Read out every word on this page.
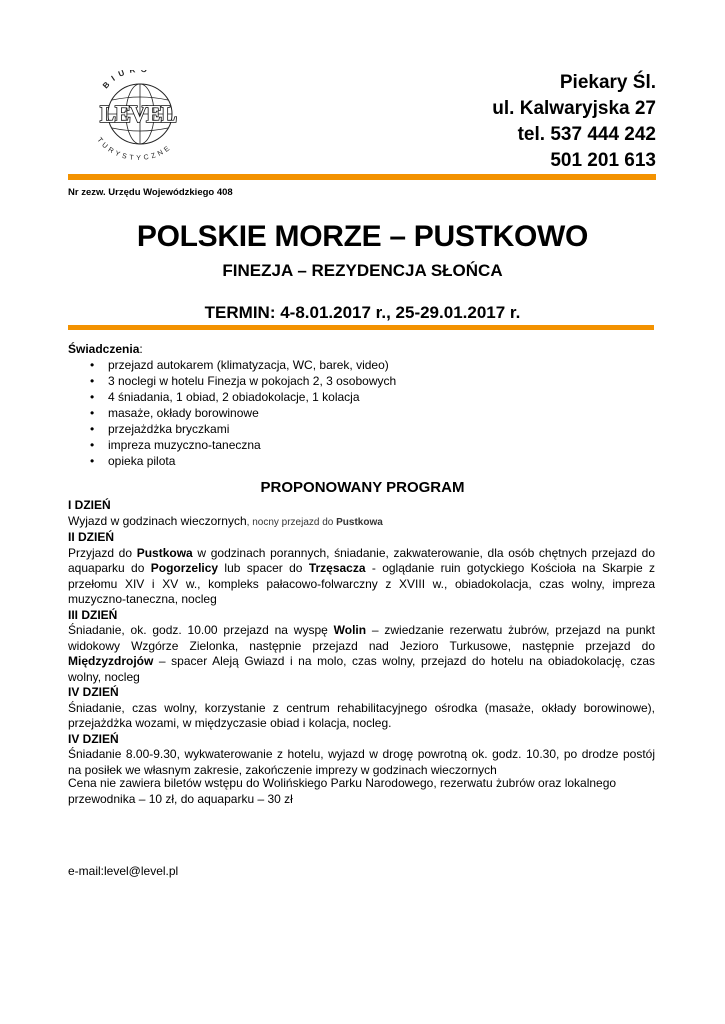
BIU
TURYSTYCZNE
LEVEL
Piekary Śl.
ul. Kalwaryjska 27
tel. 537 444 242
501 201 613
Nr zezw. Urzędu Wojewódzkiego 408
POLSKIE MORZE – PUSTKOWO
FINEZJA – REZYDENCJA SŁOŃCA
TERMIN: 4-8.01.2017 r., 25-29.01.2017 r.
Świadczenia:
• przejazd autokarem (klimatyzacja, WC, barek, video)
• 3 noclegi w hotelu Finezja w pokojach 2, 3 osobowych
• 4 śniadania, 1 obiad, 2 obiadokolacje, 1 kolacja
• masaże, okłady borowinowe
• przejażdżka bryczkami
• impreza muzyczno-taneczna
• opieka pilota
PROPONOWANY PROGRAM
I DZIEŃ

Wyjazd w godzinach wieczornych, nocny przejazd do Pustkowa

II DZIEŃ

Przyjazd do Pustkowa w godzinach porannych, śniadanie, zakwaterowanie, dla osób chętnych przejazd do aquaparku do Pogorzelicy lub spacer do Trzęsacza - oglądanie ruin gotyckiego Kościoła na Skarpie z przełomu XIV i XV w., kompleks pałacowo-folwarczny z XVIII w., obiadokolacja, czas wolny, impreza muzyczno-taneczna, nocleg

III DZIEŃ

Śniadanie, ok. godz. 10.00 przejazd na wyspę Wolin – zwiedzanie rezerwatu żubrów, przejazd na punkt widokowy Wzgórze Zielonka, następnie przejazd nad Jezioro Turkusowe, następnie przejazd do Międzyzdrojów – spacer Aleją Gwiazd i na molo, czas wolny, przejazd do hotelu na obiadokolację, czas wolny, nocleg

IV DZIEŃ

Śniadanie, czas wolny, korzystanie z centrum rehabilitacyjnego ośrodka (masaże, okłady borowinowe), przejażdżka wozami, w międzyczasie obiad i kolacja, nocleg.

IV DZIEŃ

Śniadanie 8.00-9.30, wykwaterowanie z hotelu, wyjazd w drogę powrotną ok. godz. 10.30, po drodze postój na posiłek we własnym zakresie, zakończenie imprezy w godzinach wieczornych

Cena nie zawiera biletów wstępu do Wolińskiego Parku Narodowego, rezerwatu żubrów oraz lokalnego przewodnika – 10 zł, do aquaparku – 30 zł
e-mail:level@level.pl
